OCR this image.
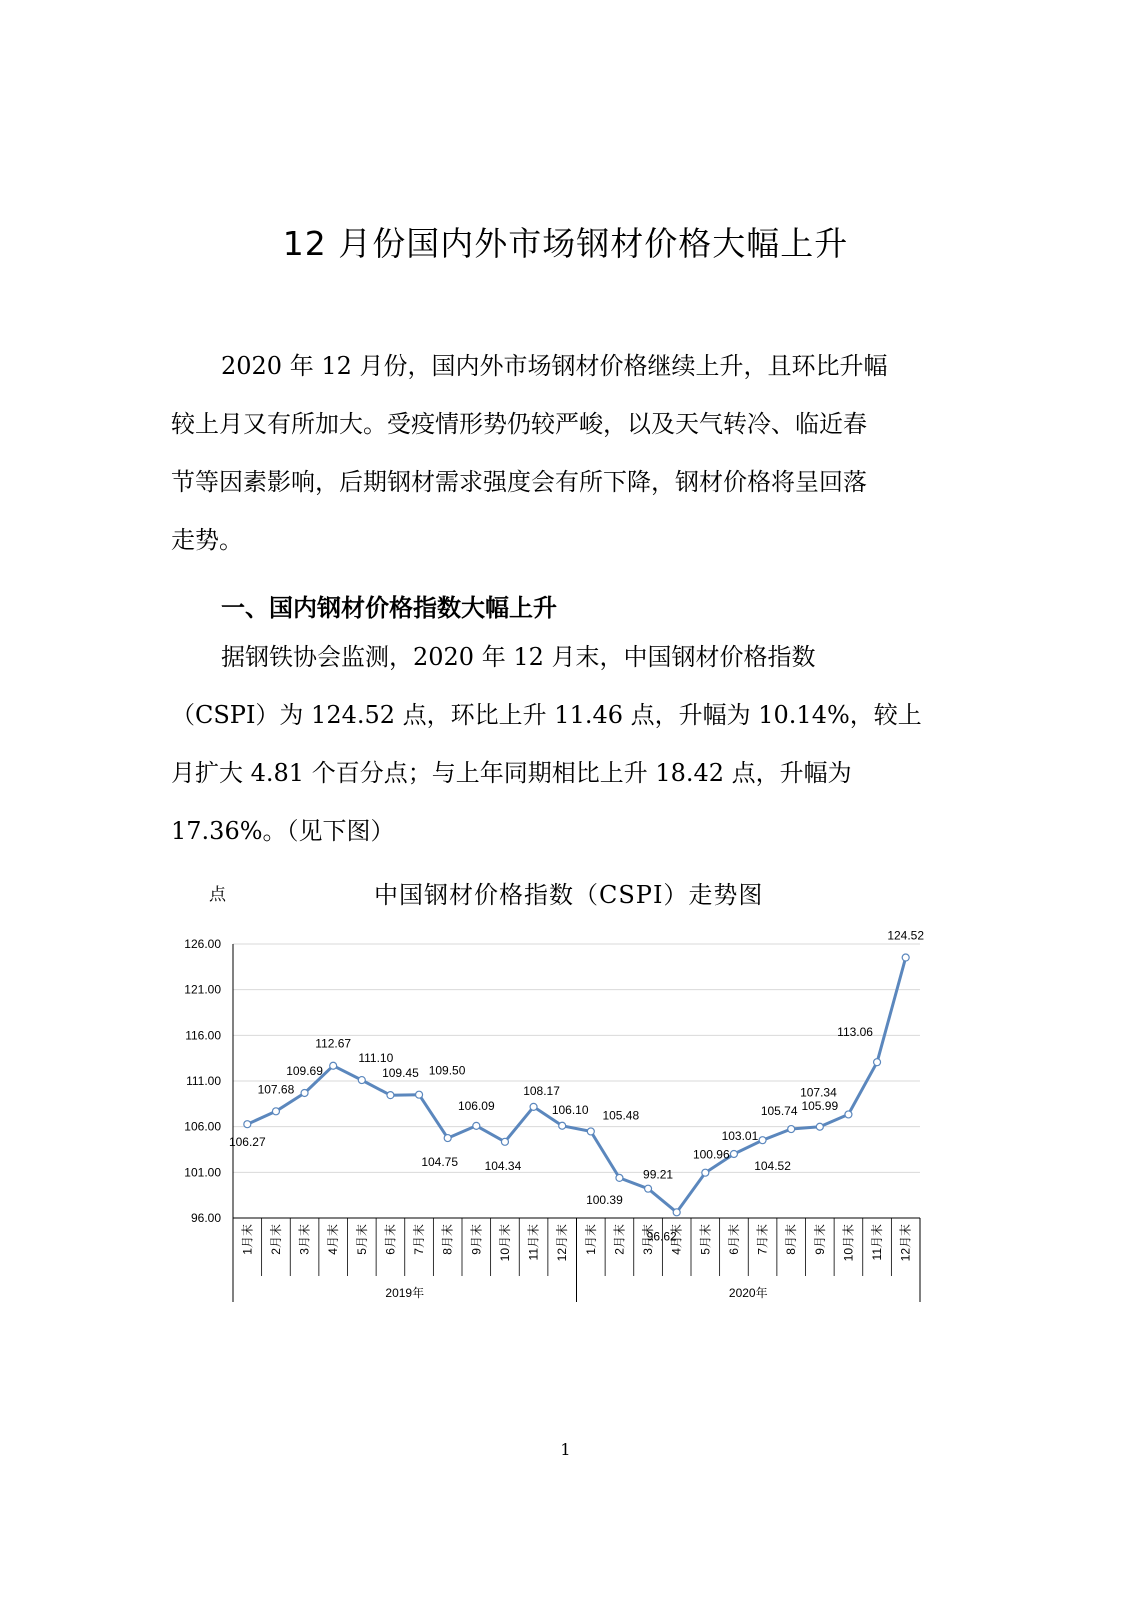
12 月份国内外市场钢材价格大幅上升
2020 年 12 月份，国内外市场钢材价格继续上升，且环比升幅
较上月又有所加大。受疫情形势仍较严峻，以及天气转冷、临近春
节等因素影响，后期钢材需求强度会有所下降，钢材价格将呈回落
走势。
一、国内钢材价格指数大幅上升
据钢铁协会监测，2020 年 12 月末，中国钢材价格指数
（CSPI）为 124.52 点，环比上升 11.46 点，升幅为 10.14%，较上
月扩大 4.81 个百分点；与上年同期相比上升 18.42 点，升幅为
17.36%。（见下图）
点	中国钢材价格指数（CSPI）走势图
96.00
101.00
106.00
111.00
116.00
121.00
126.00
2019年	2020年
1月末 2月末 3月末 4月末 5月末 6月末 7月末 8月末 9月末 10月末 11月末 12月末 1月末 2月末 3月末 4月末 5月末 6月末 7月末 8月末 9月末 10月末 11月末 12月末
106.27
107.68
109.69
112.67
111.10
109.45 109.50
104.75
106.09
104.34
108.17
106.10 105.48
100.39
99.21
96.62
100.96
103.01
104.52
105.74 105.99
107.34
113.06
124.52
1
